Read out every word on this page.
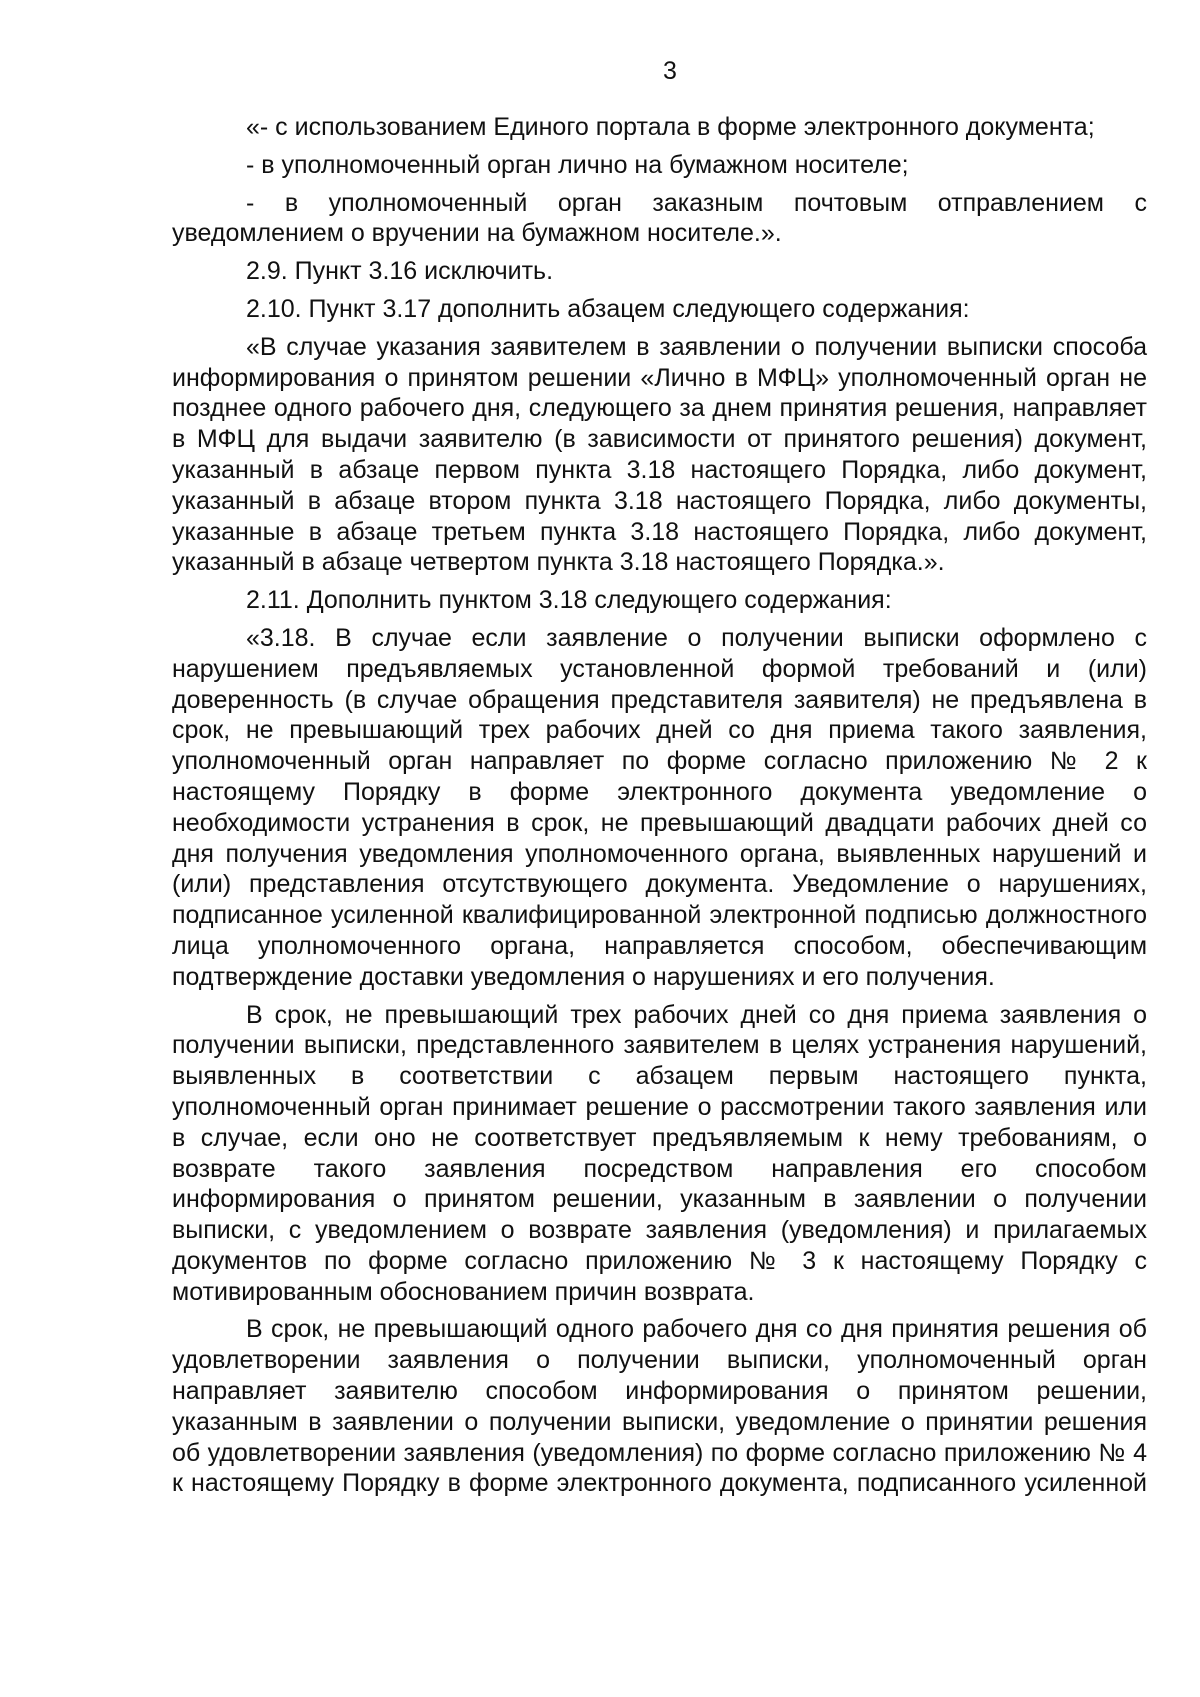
3

«- с использованием Единого портала в форме электронного документа;

- в уполномоченный орган лично на бумажном носителе;

- в уполномоченный орган заказным почтовым отправлением с уведомлением о вручении на бумажном носителе.».

2.9. Пункт 3.16 исключить.

2.10. Пункт 3.17 дополнить абзацем следующего содержания:

«В случае указания заявителем в заявлении о получении выписки способа информирования о принятом решении «Лично в МФЦ» уполномоченный орган не позднее одного рабочего дня, следующего за днем принятия решения, направляет в МФЦ для выдачи заявителю (в зависимости от принятого решения) документ, указанный в абзаце первом пункта 3.18 настоящего Порядка, либо документ, указанный в абзаце втором пункта 3.18 настоящего Порядка, либо документы, указанные в абзаце третьем пункта 3.18 настоящего Порядка, либо документ, указанный в абзаце четвертом пункта 3.18 настоящего Порядка.».

2.11. Дополнить пунктом 3.18 следующего содержания:

«3.18. В случае если заявление о получении выписки оформлено с нарушением предъявляемых установленной формой требований и (или) доверенность (в случае обращения представителя заявителя) не предъявлена в срок, не превышающий трех рабочих дней со дня приема такого заявления, уполномоченный орган направляет по форме согласно приложению № 2 к настоящему Порядку в форме электронного документа уведомление о необходимости устранения в срок, не превышающий двадцати рабочих дней со дня получения уведомления уполномоченного органа, выявленных нарушений и (или) представления отсутствующего документа. Уведомление о нарушениях, подписанное усиленной квалифицированной электронной подписью должностного лица уполномоченного органа, направляется способом, обеспечивающим подтверждение доставки уведомления о нарушениях и его получения.

В срок, не превышающий трех рабочих дней со дня приема заявления о получении выписки, представленного заявителем в целях устранения нарушений, выявленных в соответствии с абзацем первым настоящего пункта, уполномоченный орган принимает решение о рассмотрении такого заявления или в случае, если оно не соответствует предъявляемым к нему требованиям, о возврате такого заявления посредством направления его способом информирования о принятом решении, указанным в заявлении о получении выписки, с уведомлением о возврате заявления (уведомления) и прилагаемых документов по форме согласно приложению № 3 к настоящему Порядку с мотивированным обоснованием причин возврата.

В срок, не превышающий одного рабочего дня со дня принятия решения об удовлетворении заявления о получении выписки, уполномоченный орган направляет заявителю способом информирования о принятом решении, указанным в заявлении о получении выписки, уведомление о принятии решения об удовлетворении заявления (уведомления) по форме согласно приложению № 4 к настоящему Порядку в форме электронного документа, подписанного усиленной
